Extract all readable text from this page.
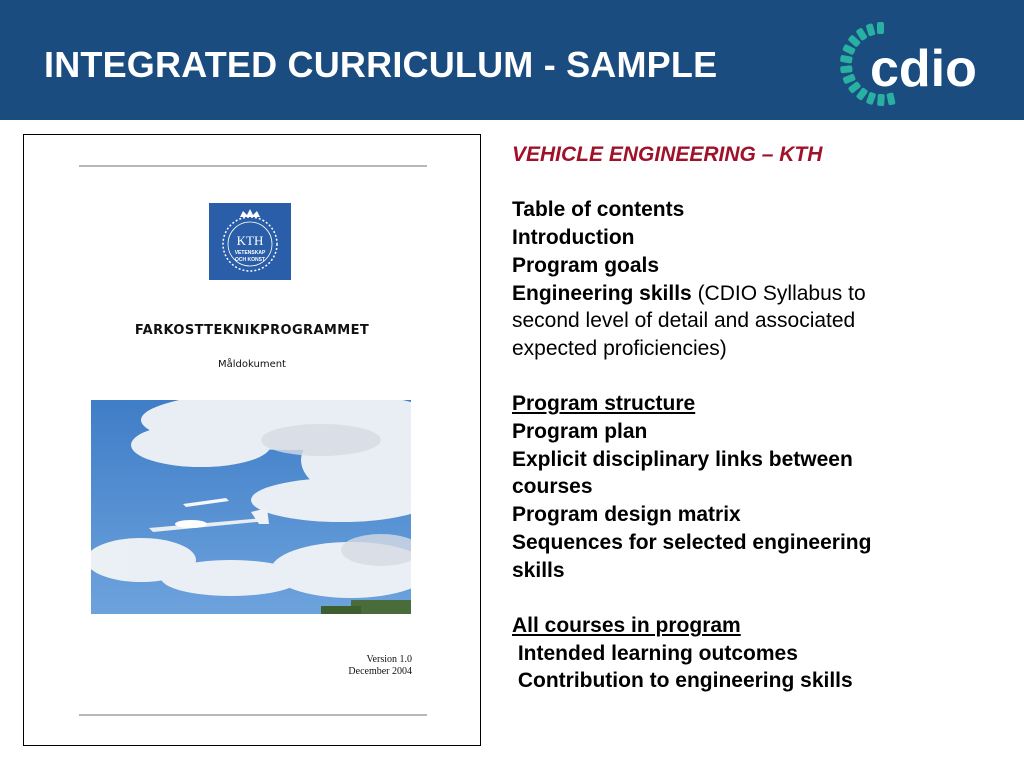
INTEGRATED CURRICULUM - SAMPLE	cdio
KTH
VETENSKAP
OCH KONST
FARKOSTTEKNIKPROGRAMMET
Måldokument
Version 1.0
December 2004
VEHICLE ENGINEERING – KTH
Table of contents
Introduction
Program goals
Engineering skills (CDIO Syllabus to
second level of detail and associated
expected proficiencies)
Program structure
Program plan
Explicit disciplinary links between
courses
Program design matrix
Sequences for selected engineering
skills
All courses in program
Intended learning outcomes
Contribution to engineering skills
